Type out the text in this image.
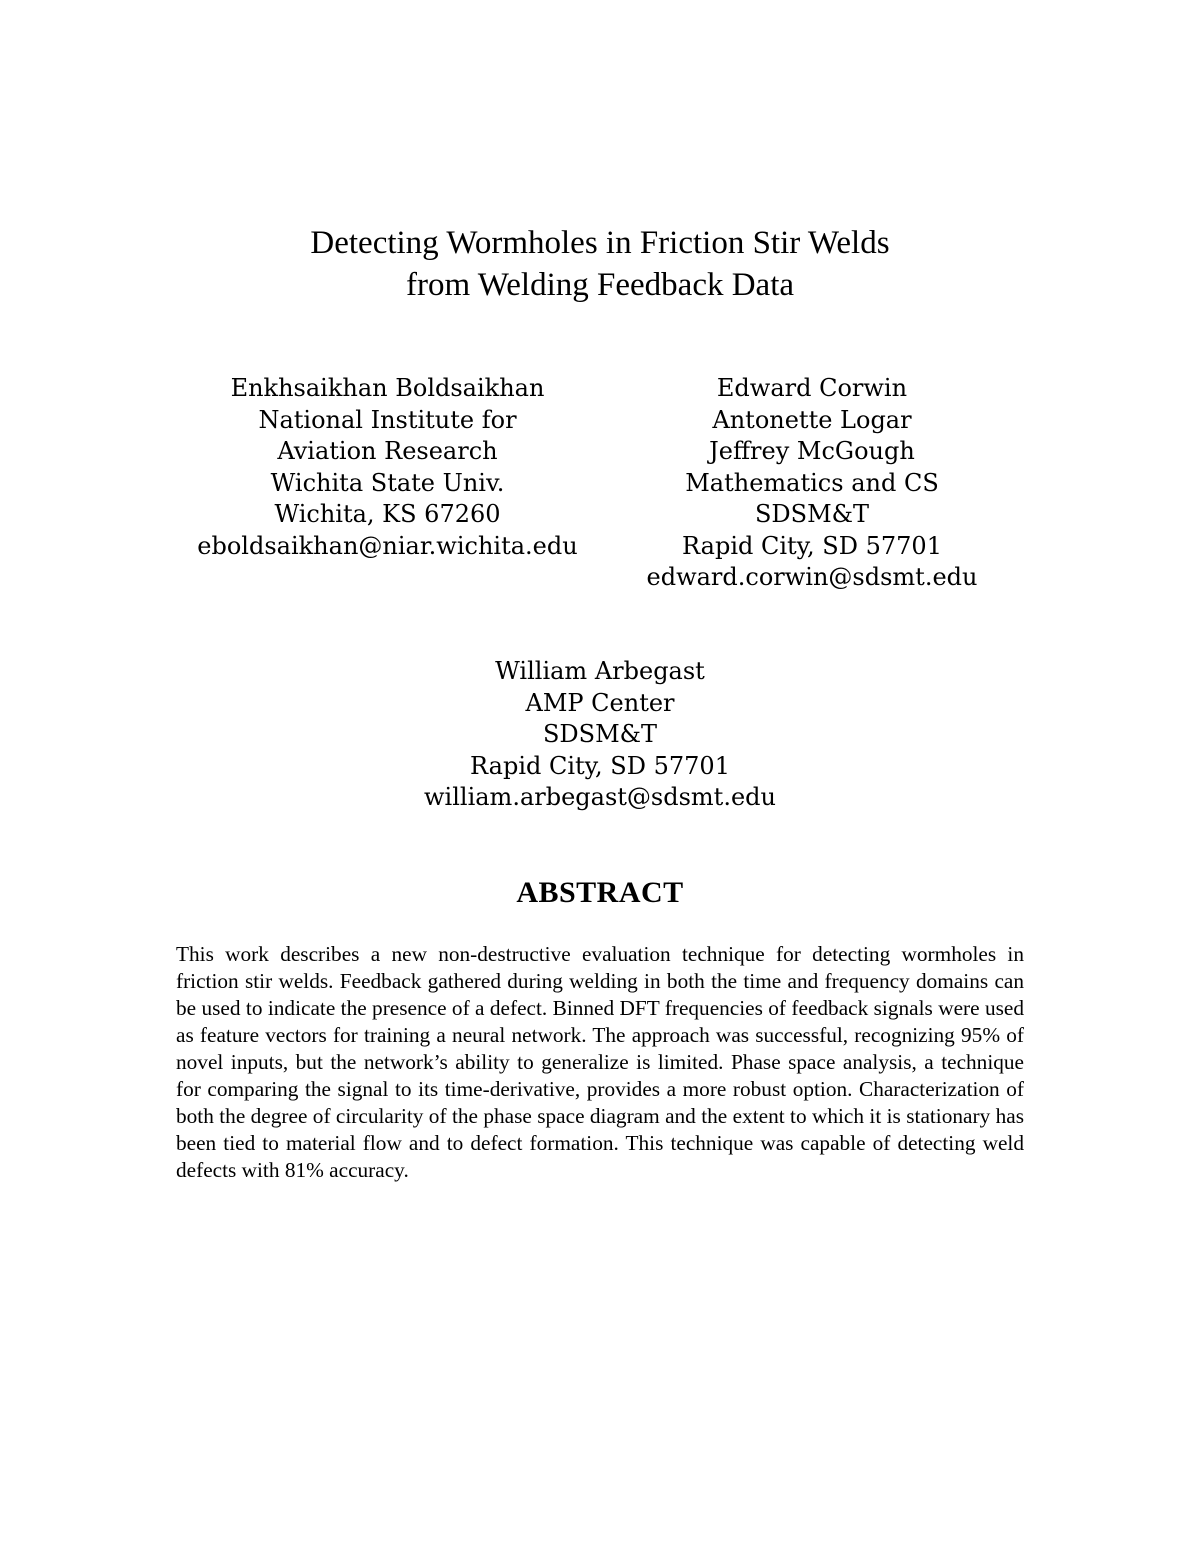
Detecting Wormholes in Friction Stir Welds
from Welding Feedback Data
Enkhsaikhan Boldsaikhan
National Institute for
Aviation Research
Wichita State Univ.
Wichita, KS 67260
eboldsaikhan@niar.wichita.edu
Edward Corwin
Antonette Logar
Jeffrey McGough
Mathematics and CS
SDSM&T
Rapid City, SD 57701
edward.corwin@sdsmt.edu
William Arbegast
AMP Center
SDSM&T
Rapid City, SD 57701
william.arbegast@sdsmt.edu
ABSTRACT

This work describes a new non-destructive evaluation technique for detecting wormholes in friction stir welds. Feedback gathered during welding in both the time and frequency domains can be used to indicate the presence of a defect. Binned DFT frequencies of feedback signals were used as feature vectors for training a neural network. The approach was successful, recognizing 95% of novel inputs, but the network’s ability to generalize is limited. Phase space analysis, a technique for comparing the signal to its time-derivative, provides a more robust option. Characterization of both the degree of circularity of the phase space diagram and the extent to which it is stationary has been tied to material flow and to defect formation. This technique was capable of detecting weld defects with 81% accuracy.
